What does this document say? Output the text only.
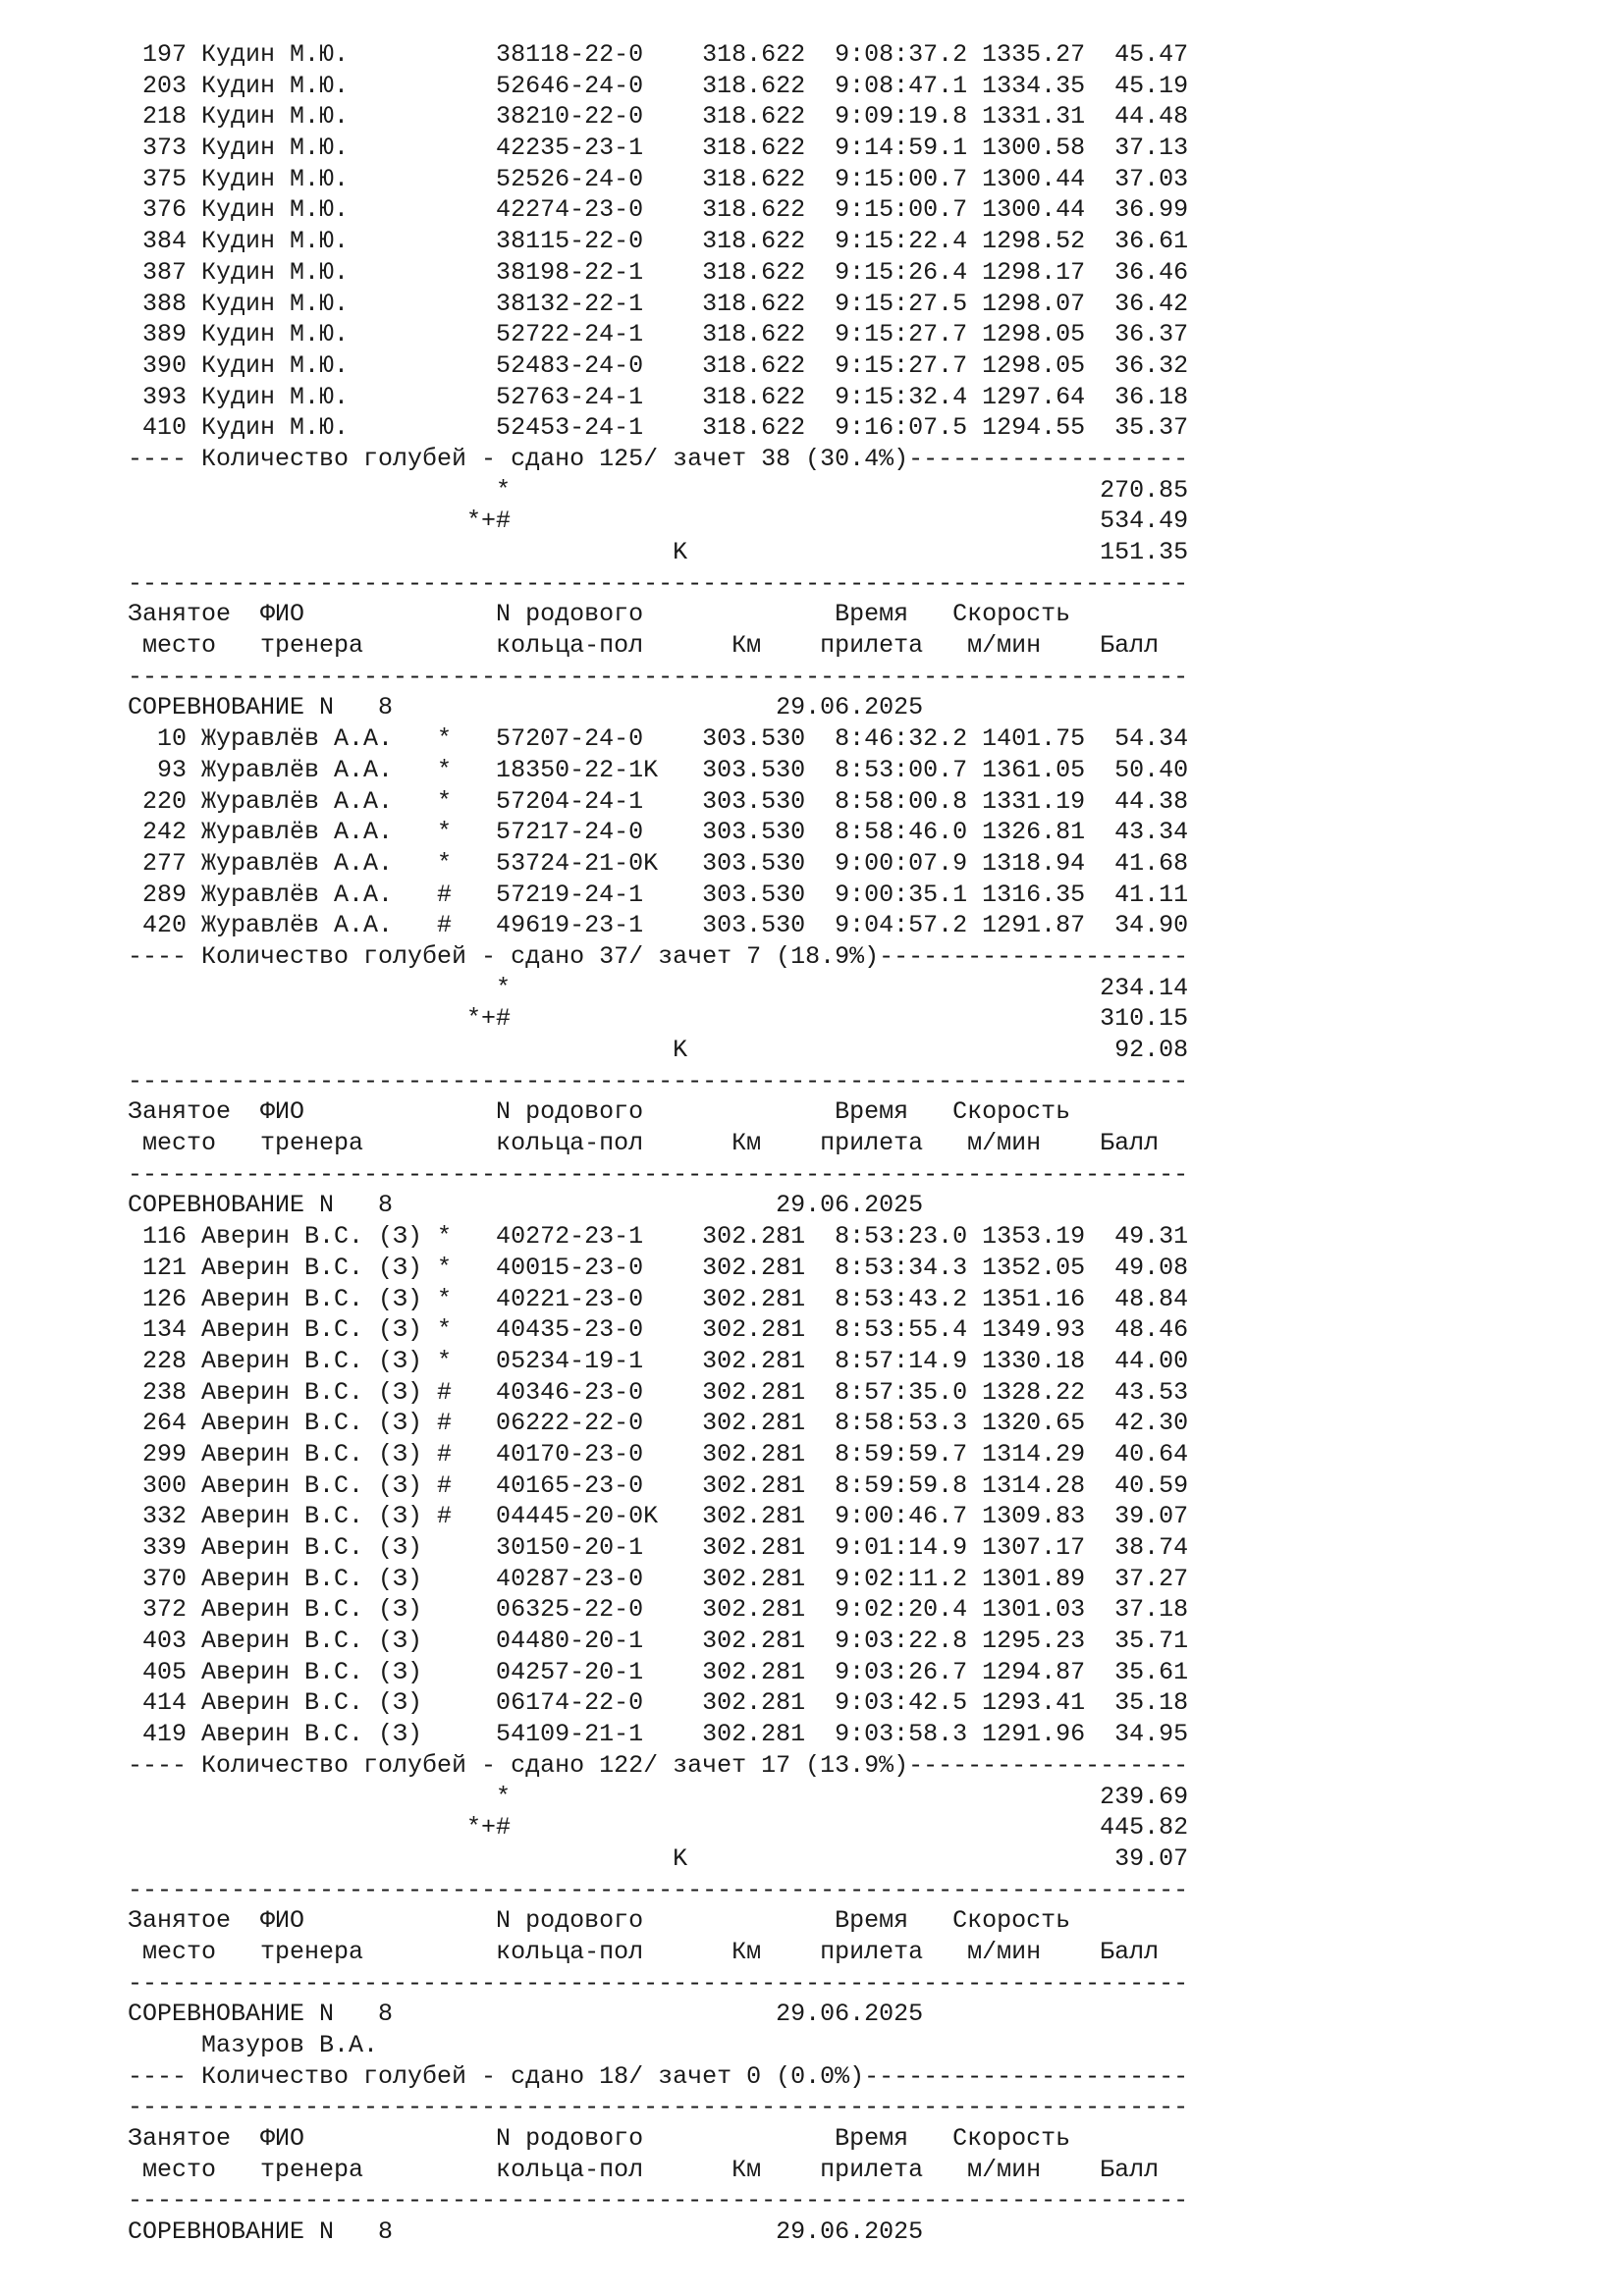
197 Кудин М.Ю.          38118-22-0    318.622  9:08:37.2 1335.27  45.47
203 Кудин М.Ю.          52646-24-0    318.622  9:08:47.1 1334.35  45.19
218 Кудин М.Ю.          38210-22-0    318.622  9:09:19.8 1331.31  44.48
373 Кудин М.Ю.          42235-23-1    318.622  9:14:59.1 1300.58  37.13
375 Кудин М.Ю.          52526-24-0    318.622  9:15:00.7 1300.44  37.03
376 Кудин М.Ю.          42274-23-0    318.622  9:15:00.7 1300.44  36.99
384 Кудин М.Ю.          38115-22-0    318.622  9:15:22.4 1298.52  36.61
387 Кудин М.Ю.          38198-22-1    318.622  9:15:26.4 1298.17  36.46
388 Кудин М.Ю.          38132-22-1    318.622  9:15:27.5 1298.07  36.42
389 Кудин М.Ю.          52722-24-1    318.622  9:15:27.7 1298.05  36.37
390 Кудин М.Ю.          52483-24-0    318.622  9:15:27.7 1298.05  36.32
393 Кудин М.Ю.          52763-24-1    318.622  9:15:32.4 1297.64  36.18
410 Кудин М.Ю.          52453-24-1    318.622  9:16:07.5 1294.55  35.37
---- Количество голубей - сдано 125/ зачет 38 (30.4%)-------------------
*                                        270.85
*+#                                        534.49
K                            151.35
------------------------------------------------------------------------
Занятое  ФИО             N родового             Время   Скорость
место   тренера         кольца-пол      Км    прилета   м/мин    Балл
------------------------------------------------------------------------
СОРЕВНОВАНИЕ N   8                          29.06.2025
10 Журавлёв А.А.   *   57207-24-0    303.530  8:46:32.2 1401.75  54.34
93 Журавлёв А.А.   *   18350-22-1K   303.530  8:53:00.7 1361.05  50.40
220 Журавлёв А.А.   *   57204-24-1    303.530  8:58:00.8 1331.19  44.38
242 Журавлёв А.А.   *   57217-24-0    303.530  8:58:46.0 1326.81  43.34
277 Журавлёв А.А.   *   53724-21-0K   303.530  9:00:07.9 1318.94  41.68
289 Журавлёв А.А.   #   57219-24-1    303.530  9:00:35.1 1316.35  41.11
420 Журавлёв А.А.   #   49619-23-1    303.530  9:04:57.2 1291.87  34.90
---- Количество голубей - сдано 37/ зачет 7 (18.9%)---------------------
*                                        234.14
*+#                                        310.15
K                             92.08
------------------------------------------------------------------------
Занятое  ФИО             N родового             Время   Скорость
место   тренера         кольца-пол      Км    прилета   м/мин    Балл
------------------------------------------------------------------------
СОРЕВНОВАНИЕ N   8                          29.06.2025
116 Аверин В.С. (З) *   40272-23-1    302.281  8:53:23.0 1353.19  49.31
121 Аверин В.С. (З) *   40015-23-0    302.281  8:53:34.3 1352.05  49.08
126 Аверин В.С. (З) *   40221-23-0    302.281  8:53:43.2 1351.16  48.84
134 Аверин В.С. (З) *   40435-23-0    302.281  8:53:55.4 1349.93  48.46
228 Аверин В.С. (З) *   05234-19-1    302.281  8:57:14.9 1330.18  44.00
238 Аверин В.С. (З) #   40346-23-0    302.281  8:57:35.0 1328.22  43.53
264 Аверин В.С. (З) #   06222-22-0    302.281  8:58:53.3 1320.65  42.30
299 Аверин В.С. (З) #   40170-23-0    302.281  8:59:59.7 1314.29  40.64
300 Аверин В.С. (З) #   40165-23-0    302.281  8:59:59.8 1314.28  40.59
332 Аверин В.С. (З) #   04445-20-0K   302.281  9:00:46.7 1309.83  39.07
339 Аверин В.С. (З)     30150-20-1    302.281  9:01:14.9 1307.17  38.74
370 Аверин В.С. (З)     40287-23-0    302.281  9:02:11.2 1301.89  37.27
372 Аверин В.С. (З)     06325-22-0    302.281  9:02:20.4 1301.03  37.18
403 Аверин В.С. (З)     04480-20-1    302.281  9:03:22.8 1295.23  35.71
405 Аверин В.С. (З)     04257-20-1    302.281  9:03:26.7 1294.87  35.61
414 Аверин В.С. (З)     06174-22-0    302.281  9:03:42.5 1293.41  35.18
419 Аверин В.С. (З)     54109-21-1    302.281  9:03:58.3 1291.96  34.95
---- Количество голубей - сдано 122/ зачет 17 (13.9%)-------------------
*                                        239.69
*+#                                        445.82
K                             39.07
------------------------------------------------------------------------
Занятое  ФИО             N родового             Время   Скорость
место   тренера         кольца-пол      Км    прилета   м/мин    Балл
------------------------------------------------------------------------
СОРЕВНОВАНИЕ N   8                          29.06.2025
Мазуров В.А.
---- Количество голубей - сдано 18/ зачет 0 (0.0%)----------------------
------------------------------------------------------------------------
Занятое  ФИО             N родового             Время   Скорость
место   тренера         кольца-пол      Км    прилета   м/мин    Балл
------------------------------------------------------------------------
СОРЕВНОВАНИЕ N   8                          29.06.2025
